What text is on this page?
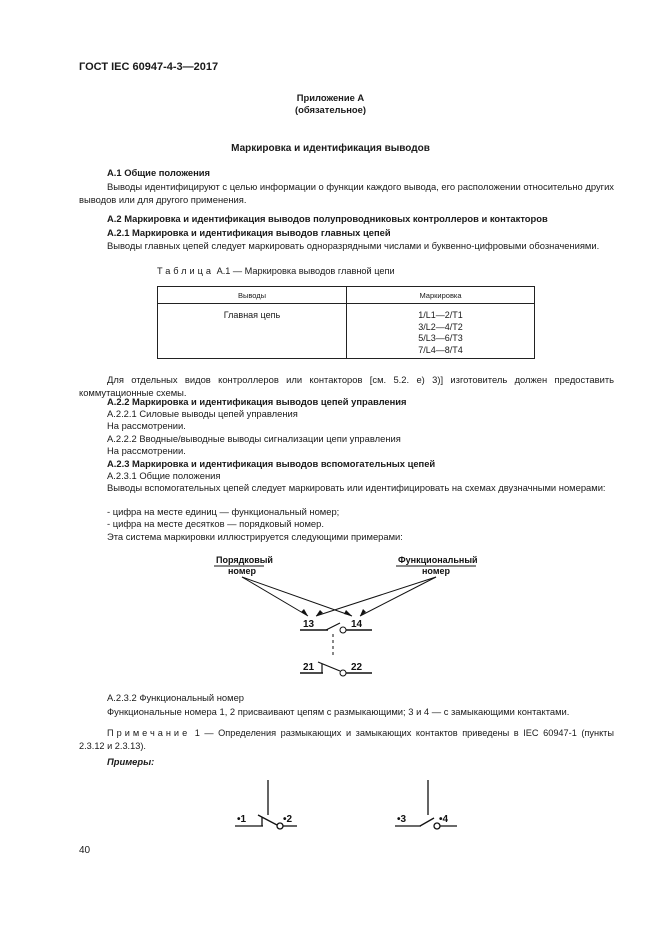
ГОСТ IEC 60947-4-3—2017
Приложение А
(обязательное)
Маркировка и идентификация выводов
А.1 Общие положения
Выводы идентифицируют с целью информации о функции каждого вывода, его расположении относительно других выводов или для другого применения.
А.2 Маркировка и идентификация выводов полупроводниковых контроллеров и контакторов
А.2.1 Маркировка и идентификация выводов главных цепей
Выводы главных цепей следует маркировать одноразрядными числами и буквенно-цифровыми обозначениями.
Таблица А.1 — Маркировка выводов главной цепи
Выводы	Маркировка
Главная цепь	1/L1—2/T1
3/L2—4/T2
5/L3—6/T3
7/L4—8/T4
Для отдельных видов контроллеров или контакторов [см. 5.2. е) 3)] изготовитель должен предоставить коммутационные схемы.
А.2.2 Маркировка и идентификация выводов цепей управления
А.2.2.1 Силовые выводы цепей управления
На рассмотрении.
А.2.2.2 Вводные/выводные выводы сигнализации цепи управления
На рассмотрении.
А.2.3 Маркировка и идентификация выводов вспомогательных цепей
А.2.3.1 Общие положения
Выводы вспомогательных цепей следует маркировать или идентифицировать на схемах двузначными номерами:
- цифра на месте единиц — функциональный номер;
- цифра на месте десятков — порядковый номер.
Эта система маркировки иллюстрируется следующими примерами:
Порядковый
номер
Функциональный
номер
13	14
21	22
А.2.3.2 Функциональный номер
Функциональные номера 1, 2 присваивают цепям с размыкающими; 3 и 4 — с замыкающими контактами.
Примечание 1 — Определения размыкающих и замыкающих контактов приведены в IEC 60947-1 (пункты 2.3.12 и 2.3.13).
Примеры:
•1	•2	•3	•4
40
